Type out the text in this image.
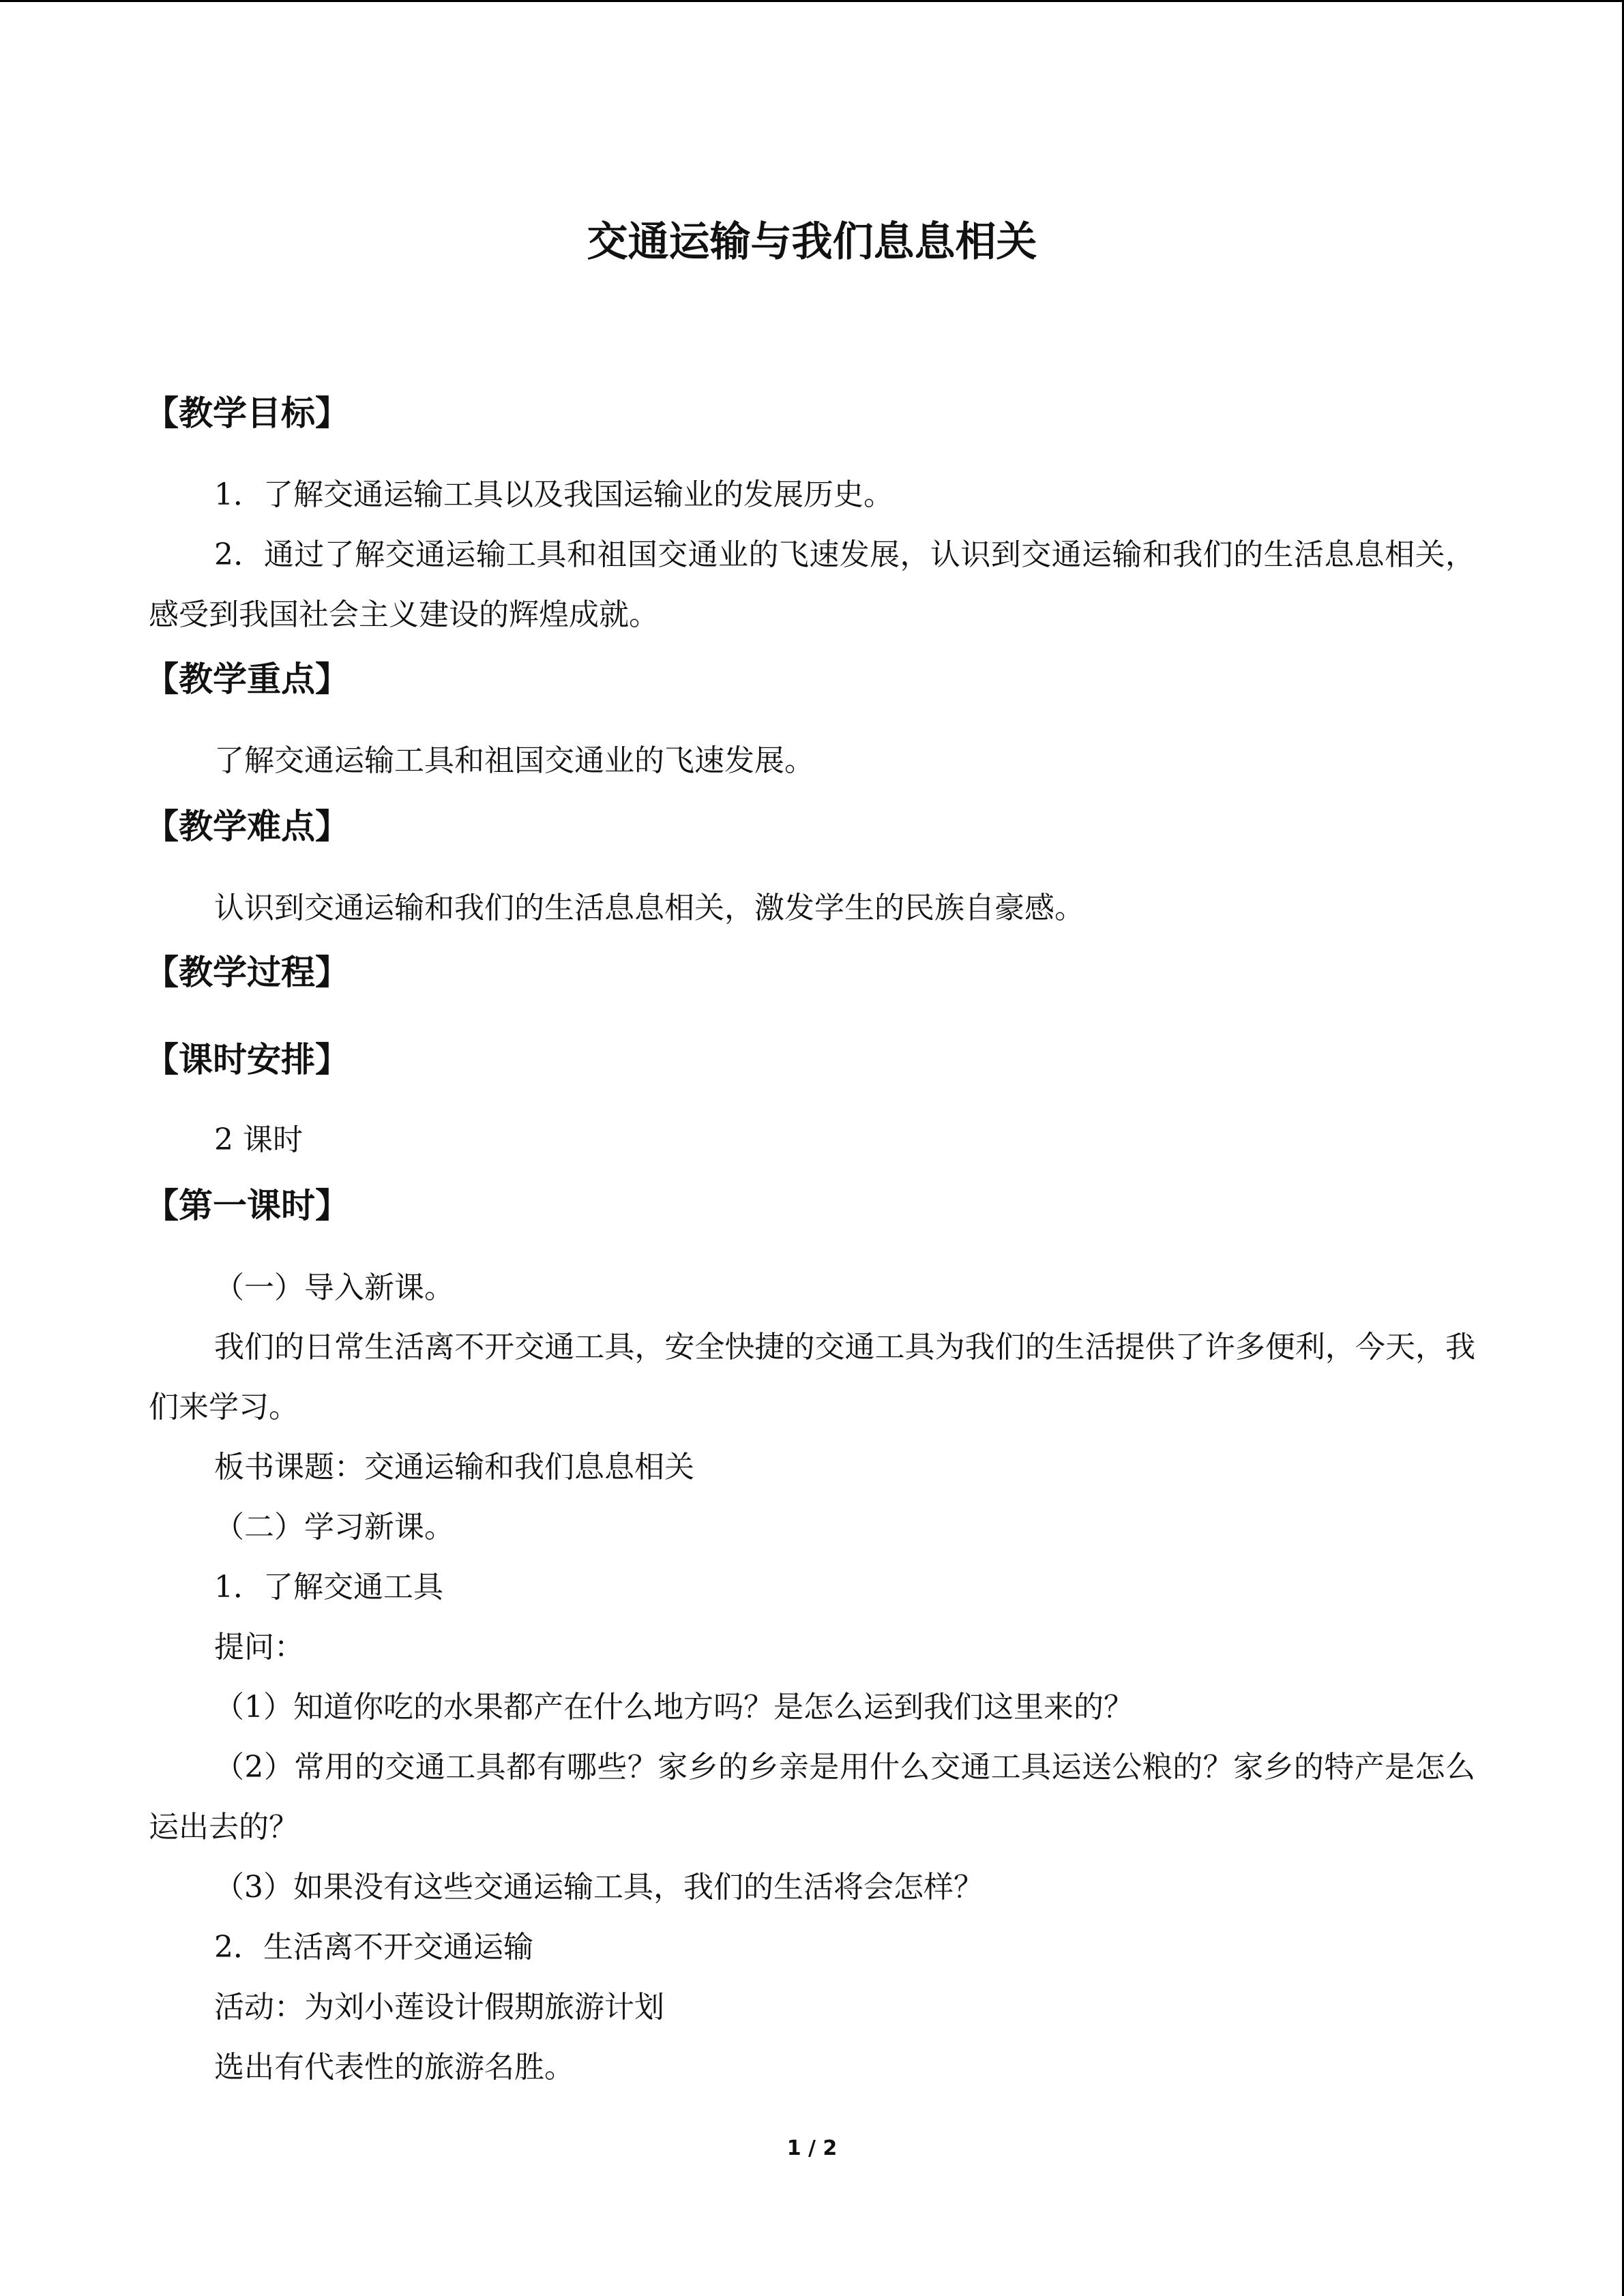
交通运输与我们息息相关
【教学目标】
1．了解交通运输工具以及我国运输业的发展历史。
2．通过了解交通运输工具和祖国交通业的飞速发展，认识到交通运输和我们的生活息息相关，感受到我国社会主义建设的辉煌成就。
【教学重点】
了解交通运输工具和祖国交通业的飞速发展。
【教学难点】
认识到交通运输和我们的生活息息相关，激发学生的民族自豪感。
【教学过程】
【课时安排】
2 课时
【第一课时】
（一）导入新课。
我们的日常生活离不开交通工具，安全快捷的交通工具为我们的生活提供了许多便利，今天，我们来学习。
板书课题：交通运输和我们息息相关
（二）学习新课。
1．了解交通工具
提问：
（1）知道你吃的水果都产在什么地方吗？是怎么运到我们这里来的？
（2）常用的交通工具都有哪些？家乡的乡亲是用什么交通工具运送公粮的？家乡的特产是怎么运出去的？
（3）如果没有这些交通运输工具，我们的生活将会怎样？
2．生活离不开交通运输
活动：为刘小莲设计假期旅游计划
选出有代表性的旅游名胜。
1 / 2
